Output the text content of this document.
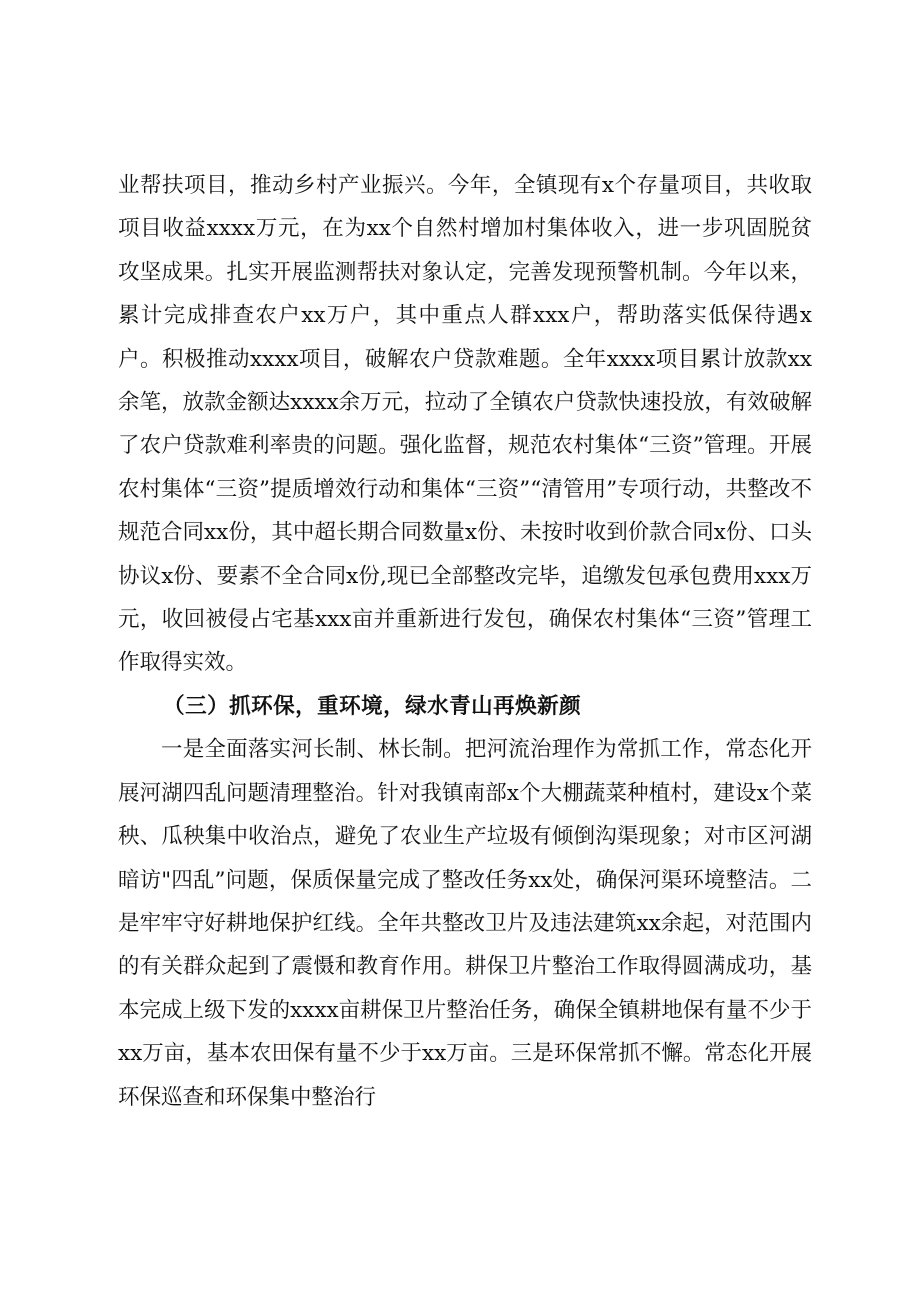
业帮扶项目，推动乡村产业振兴。今年，全镇现有x个存量项目，共收取项目收益xxxx万元，在为xx个自然村增加村集体收入，进一步巩固脱贫攻坚成果。扎实开展监测帮扶对象认定，完善发现预警机制。今年以来，累计完成排查农户xx万户，其中重点人群xxx户，帮助落实低保待遇x户。积极推动xxxx项目，破解农户贷款难题。全年xxxx项目累计放款xx余笔，放款金额达xxxx余万元，拉动了全镇农户贷款快速投放，有效破解了农户贷款难利率贵的问题。强化监督，规范农村集体“三资”管理。开展农村集体“三资”提质增效行动和集体“三资”“清管用”专项行动，共整改不规范合同xx份，其中超长期合同数量x份、未按时收到价款合同x份、口头协议x份、要素不全合同x份,现已全部整改完毕，追缴发包承包费用xxx万元，收回被侵占宅基xxx亩并重新进行发包，确保农村集体“三资”管理工作取得实效。

（三）抓环保，重环境，绿水青山再焕新颜

一是全面落实河长制、林长制。把河流治理作为常抓工作，常态化开展河湖四乱问题清理整治。针对我镇南部x个大棚蔬菜种植村，建设x个菜秧、瓜秧集中收治点，避免了农业生产垃圾有倾倒沟渠现象；对市区河湖暗访"四乱”问题，保质保量完成了整改任务xx处，确保河渠环境整洁。二是牢牢守好耕地保护红线。全年共整改卫片及违法建筑xx余起，对范围内的有关群众起到了震慑和教育作用。耕保卫片整治工作取得圆满成功，基本完成上级下发的xxxx亩耕保卫片整治任务，确保全镇耕地保有量不少于xx万亩，基本农田保有量不少于xx万亩。三是环保常抓不懈。常态化开展环保巡查和环保集中整治行
